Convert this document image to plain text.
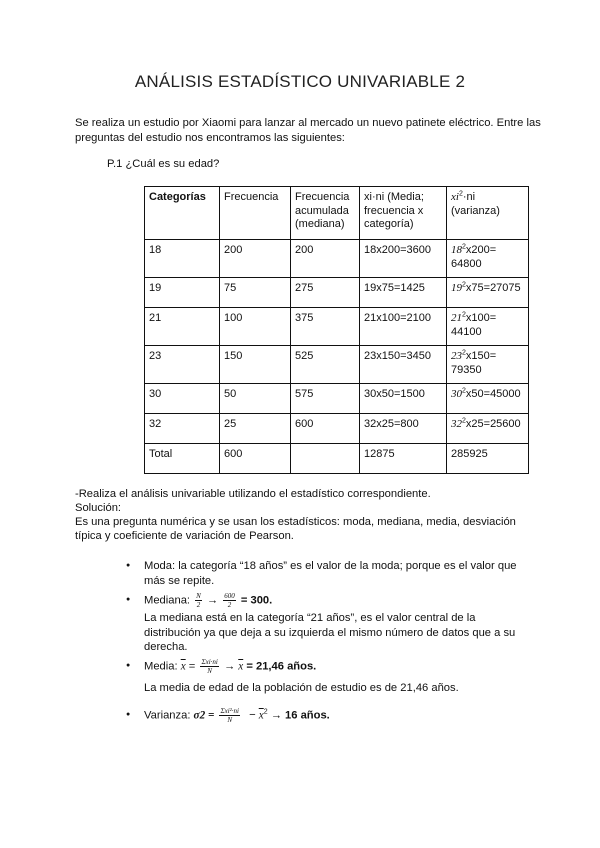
ANÁLISIS ESTADÍSTICO UNIVARIABLE 2
Se realiza un estudio por Xiaomi para lanzar al mercado un nuevo patinete eléctrico. Entre las preguntas del estudio nos encontramos las siguientes:
P.1 ¿Cuál es su edad?
Categorías	Frecuencia	Frecuencia acumulada (mediana)	xi·ni (Media; frecuencia x categoría)	$xi^2\cdot ni$ (varianza)
18	200	200	18x200=3600	$18^2x200= 64800$
19	75	275	19x75=1425	$19^2x75=27075$
21	100	375	21x100=2100	$21^2x100= 44100$
23	150	525	23x150=3450	$23^2x150= 79350$
30	50	575	30x50=1500	$30^2x50=45000$
32	25	600	32x25=800	$32^2x25=25600$
Total	600		12875	285925
-Realiza el análisis univariable utilizando el estadístico correspondiente.
Solución:
Es una pregunta numérica y se usan los estadísticos: moda, mediana, media, desviación típica y coeficiente de variación de Pearson.
● Moda: la categoría “18 años” es el valor de la moda; porque es el valor que más se repite.
● Mediana: $\frac{N}{2} \to \frac{600}{2} = 300$.
La mediana está en la categoría “21 años”, es el valor central de la distribución ya que deja a su izquierda el mismo número de datos que a su derecha.
● Media: $\overline{x} = \frac{\text{Σxi·ni}}{N} \to \overline{x} = 21,46$ años.
La media de edad de la población de estudio es de 21,46 años.
● Varianza: $\sigma 2 = \frac{\text{Σxi²·ni}}{N} - \overline{x}^2 \to 16$ años.
